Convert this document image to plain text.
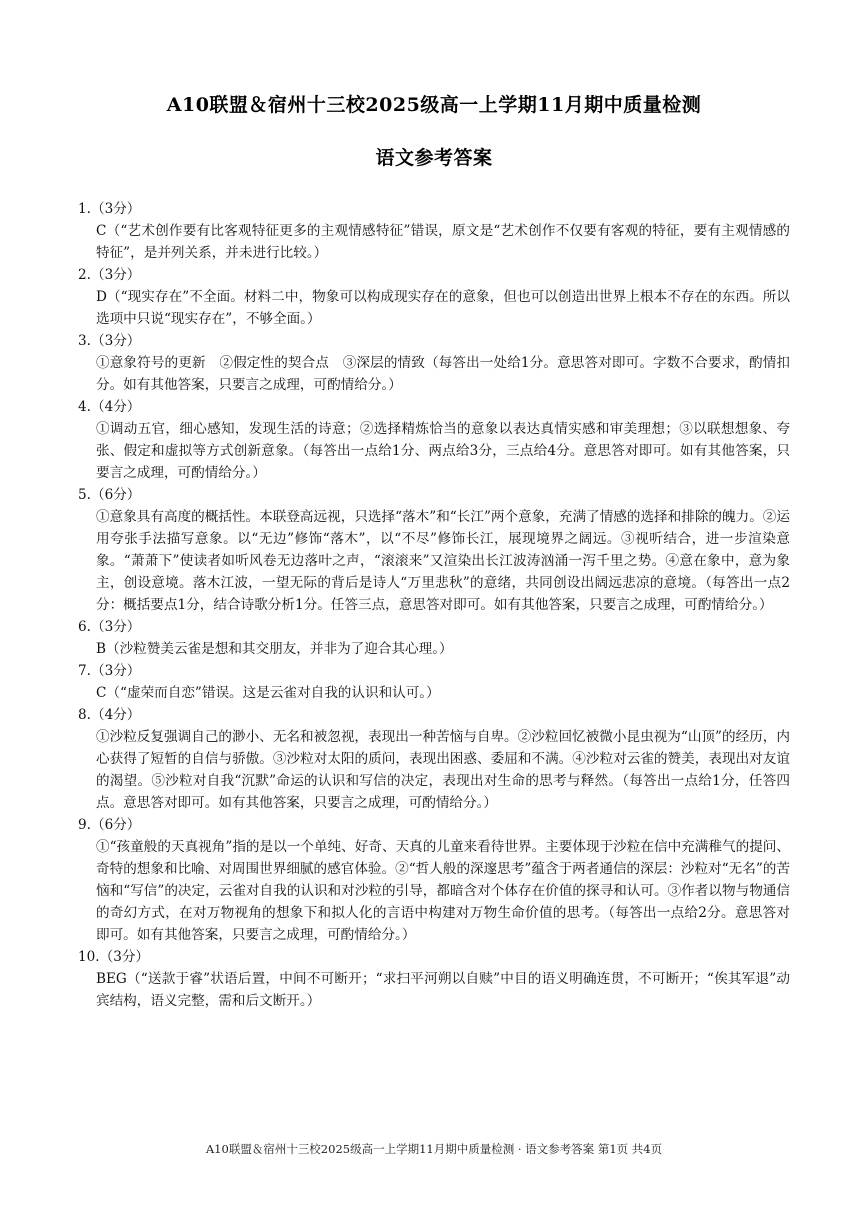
A10联盟＆宿州十三校2025级高一上学期11月期中质量检测
语文参考答案
1.（3分）
C（“艺术创作要有比客观特征更多的主观情感特征”错误，原文是“艺术创作不仅要有客观的特征，要有主观情感的特征”，是并列关系，并未进行比较。）
2.（3分）
D（“现实存在”不全面。材料二中，物象可以构成现实存在的意象，但也可以创造出世界上根本不存在的东西。所以选项中只说“现实存在”，不够全面。）
3.（3分）
①意象符号的更新　②假定性的契合点　③深层的情致（每答出一处给1分。意思答对即可。字数不合要求，酌情扣分。如有其他答案，只要言之成理，可酌情给分。）
4.（4分）
①调动五官，细心感知，发现生活的诗意；②选择精炼恰当的意象以表达真情实感和审美理想；③以联想想象、夸张、假定和虚拟等方式创新意象。（每答出一点给1分、两点给3分，三点给4分。意思答对即可。如有其他答案，只要言之成理，可酌情给分。）
5.（6分）
①意象具有高度的概括性。本联登高远视，只选择“落木”和“长江”两个意象，充满了情感的选择和排除的魄力。②运用夸张手法描写意象。以“无边”修饰“落木”，以“不尽”修饰长江，展现境界之阔远。③视听结合，进一步渲染意象。“萧萧下”使读者如听风卷无边落叶之声，“滚滚来”又渲染出长江波涛汹涌一泻千里之势。④意在象中，意为象主，创设意境。落木江波，一望无际的背后是诗人“万里悲秋”的意绪，共同创设出阔远悲凉的意境。（每答出一点2分：概括要点1分，结合诗歌分析1分。任答三点，意思答对即可。如有其他答案，只要言之成理，可酌情给分。）
6.（3分）
B（沙粒赞美云雀是想和其交朋友，并非为了迎合其心理。）
7.（3分）
C（“虚荣而自恋”错误。这是云雀对自我的认识和认可。）
8.（4分）
①沙粒反复强调自己的渺小、无名和被忽视，表现出一种苦恼与自卑。②沙粒回忆被微小昆虫视为“山顶”的经历，内心获得了短暂的自信与骄傲。③沙粒对太阳的质问，表现出困惑、委屈和不满。④沙粒对云雀的赞美，表现出对友谊的渴望。⑤沙粒对自我“沉默”命运的认识和写信的决定，表现出对生命的思考与释然。（每答出一点给1分，任答四点。意思答对即可。如有其他答案，只要言之成理，可酌情给分。）
9.（6分）
①“孩童般的天真视角”指的是以一个单纯、好奇、天真的儿童来看待世界。主要体现于沙粒在信中充满稚气的提问、奇特的想象和比喻、对周围世界细腻的感官体验。②“哲人般的深邃思考”蕴含于两者通信的深层：沙粒对“无名”的苦恼和“写信”的决定，云雀对自我的认识和对沙粒的引导，都暗含对个体存在价值的探寻和认可。③作者以物与物通信的奇幻方式，在对万物视角的想象下和拟人化的言语中构建对万物生命价值的思考。（每答出一点给2分。意思答对即可。如有其他答案，只要言之成理，可酌情给分。）
10.（3分）
BEG（“送款于睿”状语后置，中间不可断开；“求扫平河朔以自赎”中目的语义明确连贯，不可断开；“俟其军退”动宾结构，语义完整，需和后文断开。）
A10联盟＆宿州十三校2025级高一上学期11月期中质量检测 · 语文参考答案 第1页 共4页
